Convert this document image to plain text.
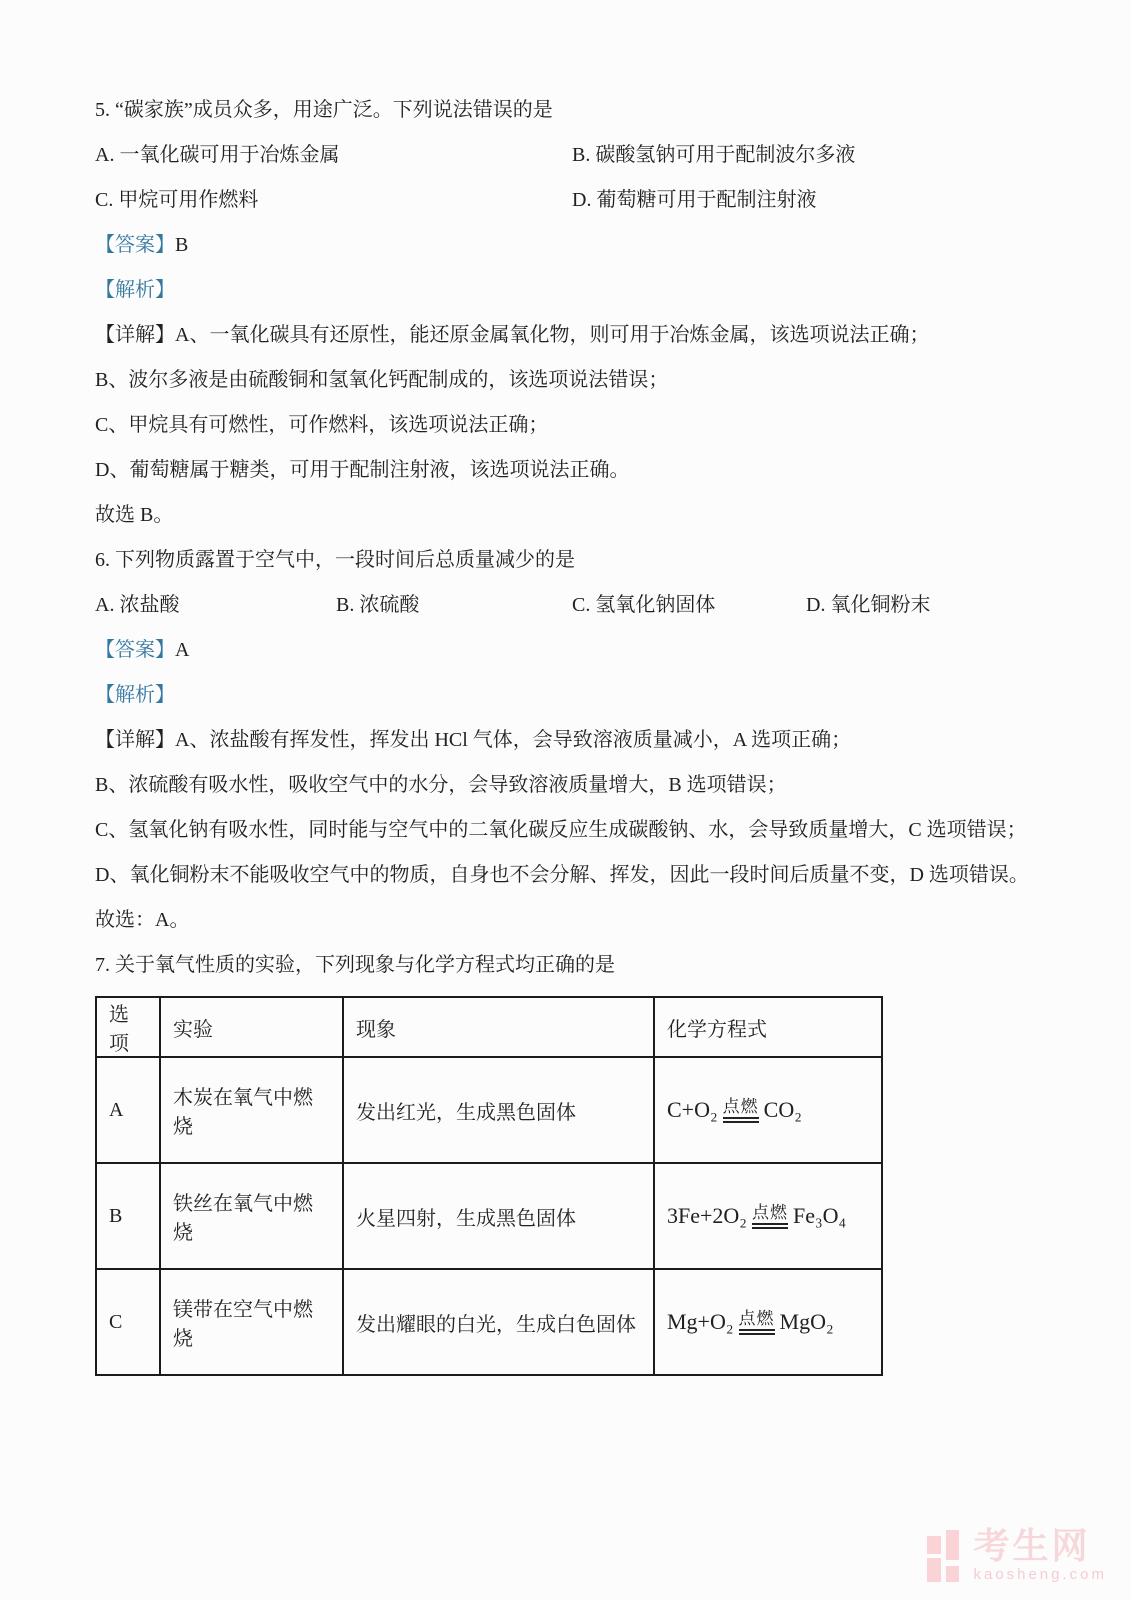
5. “碳家族”成员众多，用途广泛。下列说法错误的是
A. 一氧化碳可用于冶炼金属	B. 碳酸氢钠可用于配制波尔多液
C. 甲烷可用作燃料	D. 葡萄糖可用于配制注射液
【答案】B
【解析】
【详解】A、一氧化碳具有还原性，能还原金属氧化物，则可用于冶炼金属，该选项说法正确；
B、波尔多液是由硫酸铜和氢氧化钙配制成的，该选项说法错误；
C、甲烷具有可燃性，可作燃料，该选项说法正确；
D、葡萄糖属于糖类，可用于配制注射液，该选项说法正确。
故选 B。
6. 下列物质露置于空气中，一段时间后总质量减少的是
A. 浓盐酸	B. 浓硫酸	C. 氢氧化钠固体	D. 氧化铜粉末
【答案】A
【解析】
【详解】A、浓盐酸有挥发性，挥发出 HCl 气体，会导致溶液质量减小，A 选项正确；
B、浓硫酸有吸水性，吸收空气中的水分，会导致溶液质量增大，B 选项错误；
C、氢氧化钠有吸水性，同时能与空气中的二氧化碳反应生成碳酸钠、水，会导致质量增大，C 选项错误；
D、氧化铜粉末不能吸收空气中的物质，自身也不会分解、挥发，因此一段时间后质量不变，D 选项错误。
故选：A。
7. 关于氧气性质的实验，下列现象与化学方程式均正确的是
选项	实验	现象	化学方程式
A	木炭在氧气中燃烧	发出红光，生成黑色固体	C+O₂ 点燃 CO₂
B	铁丝在氧气中燃烧	火星四射，生成黑色固体	3Fe+2O₂ 点燃 Fe₃O₄
C	镁带在空气中燃烧	发出耀眼的白光，生成白色固体	Mg+O₂ 点燃 MgO₂
考生网
kaosheng.com
